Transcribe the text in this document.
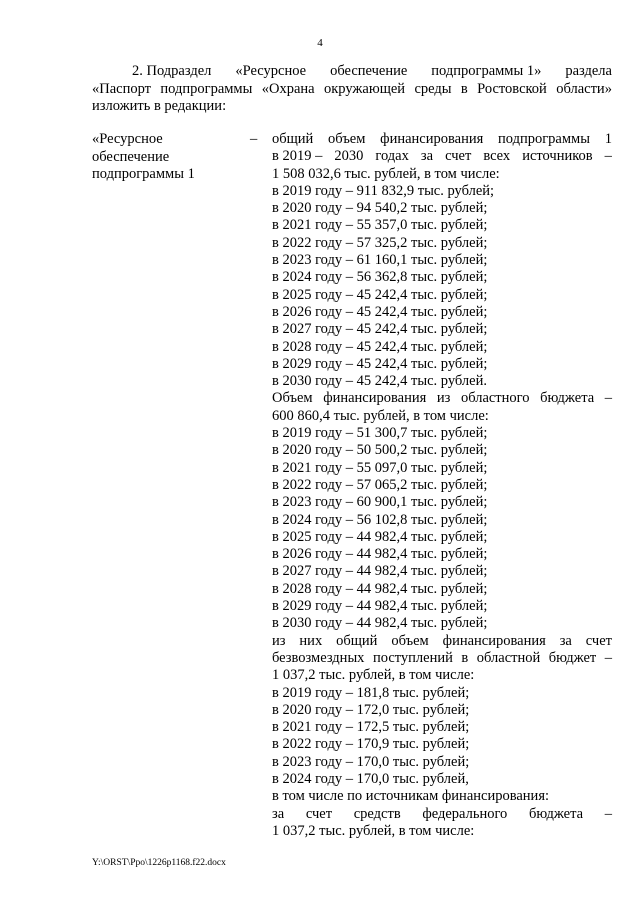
4
2. Подраздел «Ресурсное обеспечение подпрограммы 1» раздела
«Паспорт подпрограммы «Охрана окружающей среды в Ростовской области»
изложить в редакции:
«Ресурсное
обеспечение
подпрограммы 1
– общий объем финансирования подпрограммы 1
в 2019 – 2030 годах за счет всех источников –
1 508 032,6 тыс. рублей, в том числе:
в 2019 году – 911 832,9 тыс. рублей;
в 2020 году – 94 540,2 тыс. рублей;
в 2021 году – 55 357,0 тыс. рублей;
в 2022 году – 57 325,2 тыс. рублей;
в 2023 году – 61 160,1 тыс. рублей;
в 2024 году – 56 362,8 тыс. рублей;
в 2025 году – 45 242,4 тыс. рублей;
в 2026 году – 45 242,4 тыс. рублей;
в 2027 году – 45 242,4 тыс. рублей;
в 2028 году – 45 242,4 тыс. рублей;
в 2029 году – 45 242,4 тыс. рублей;
в 2030 году – 45 242,4 тыс. рублей.
Объем финансирования из областного бюджета –
600 860,4 тыс. рублей, в том числе:
в 2019 году – 51 300,7 тыс. рублей;
в 2020 году – 50 500,2 тыс. рублей;
в 2021 году – 55 097,0 тыс. рублей;
в 2022 году – 57 065,2 тыс. рублей;
в 2023 году – 60 900,1 тыс. рублей;
в 2024 году – 56 102,8 тыс. рублей;
в 2025 году – 44 982,4 тыс. рублей;
в 2026 году – 44 982,4 тыс. рублей;
в 2027 году – 44 982,4 тыс. рублей;
в 2028 году – 44 982,4 тыс. рублей;
в 2029 году – 44 982,4 тыс. рублей;
в 2030 году – 44 982,4 тыс. рублей;
из них общий объем финансирования за счет
безвозмездных поступлений в областной бюджет –
1 037,2 тыс. рублей, в том числе:
в 2019 году – 181,8 тыс. рублей;
в 2020 году – 172,0 тыс. рублей;
в 2021 году – 172,5 тыс. рублей;
в 2022 году – 170,9 тыс. рублей;
в 2023 году – 170,0 тыс. рублей;
в 2024 году – 170,0 тыс. рублей,
в том числе по источникам финансирования:
за счет средств федерального бюджета –
1 037,2 тыс. рублей, в том числе:
Y:\ORST\Ppo\1226p1168.f22.docx
